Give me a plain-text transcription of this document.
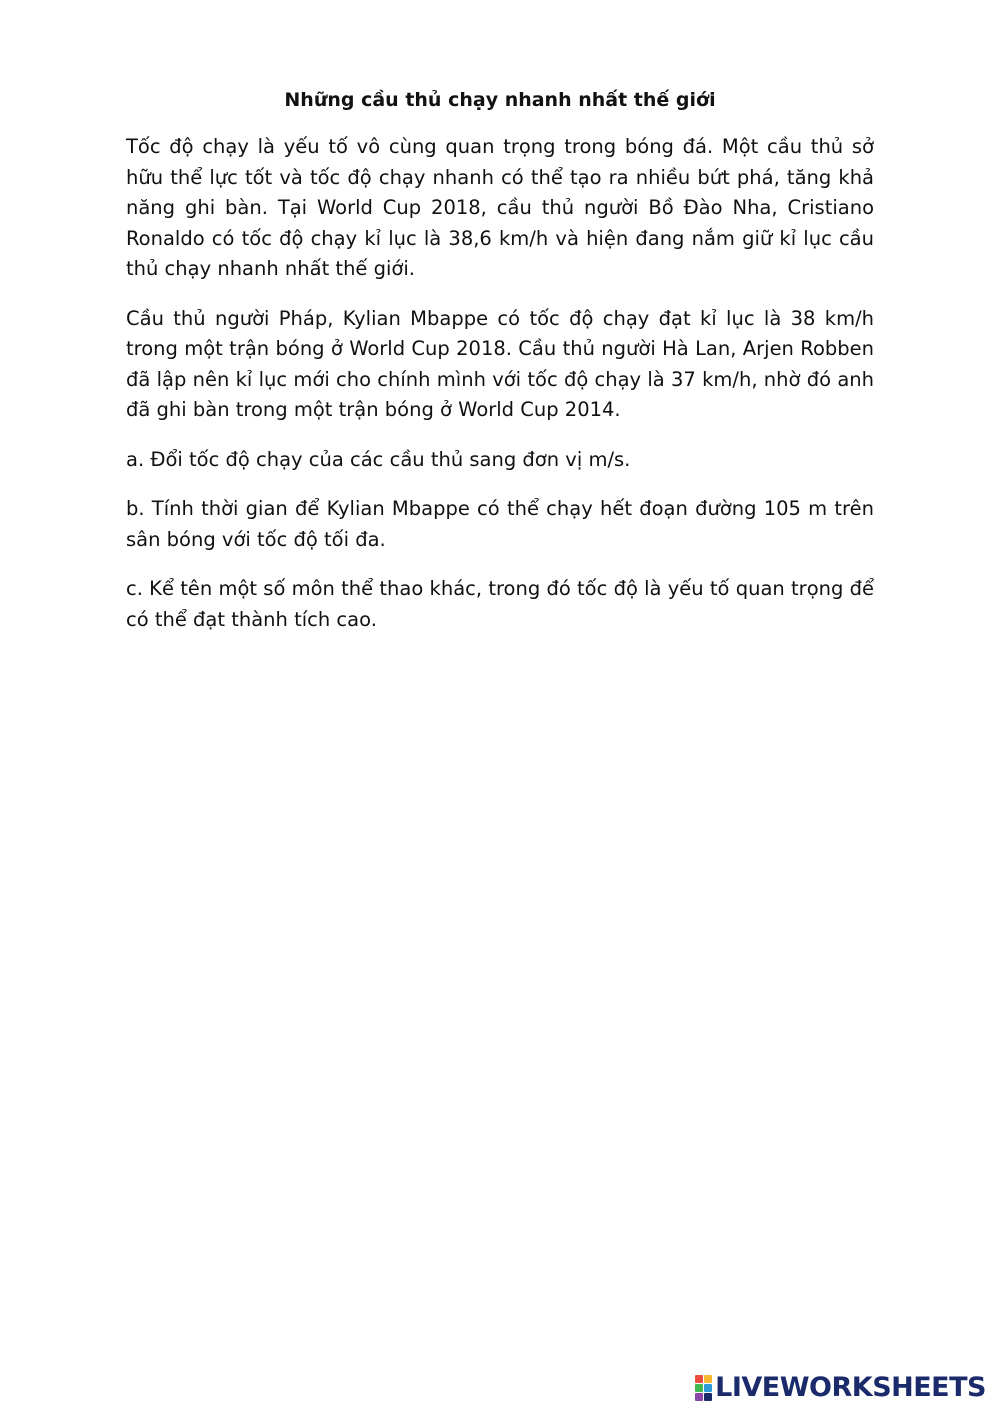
Những cầu thủ chạy nhanh nhất thế giới

Tốc độ chạy là yếu tố vô cùng quan trọng trong bóng đá. Một cầu thủ sở hữu thể lực tốt và tốc độ chạy nhanh có thể tạo ra nhiều bứt phá, tăng khả năng ghi bàn. Tại World Cup 2018, cầu thủ người Bồ Đào Nha, Cristiano Ronaldo có tốc độ chạy kỉ lục là 38,6 km/h và hiện đang nắm giữ kỉ lục cầu thủ chạy nhanh nhất thế giới.

Cầu thủ người Pháp, Kylian Mbappe có tốc độ chạy đạt kỉ lục là 38 km/h trong một trận bóng ở World Cup 2018. Cầu thủ người Hà Lan, Arjen Robben đã lập nên kỉ lục mới cho chính mình với tốc độ chạy là 37 km/h, nhờ đó anh đã ghi bàn trong một trận bóng ở World Cup 2014.

a. Đổi tốc độ chạy của các cầu thủ sang đơn vị m/s.

b. Tính thời gian để Kylian Mbappe có thể chạy hết đoạn đường 105 m trên sân bóng với tốc độ tối đa.

c. Kể tên một số môn thể thao khác, trong đó tốc độ là yếu tố quan trọng để có thể đạt thành tích cao.

LIVEWORKSHEETS
